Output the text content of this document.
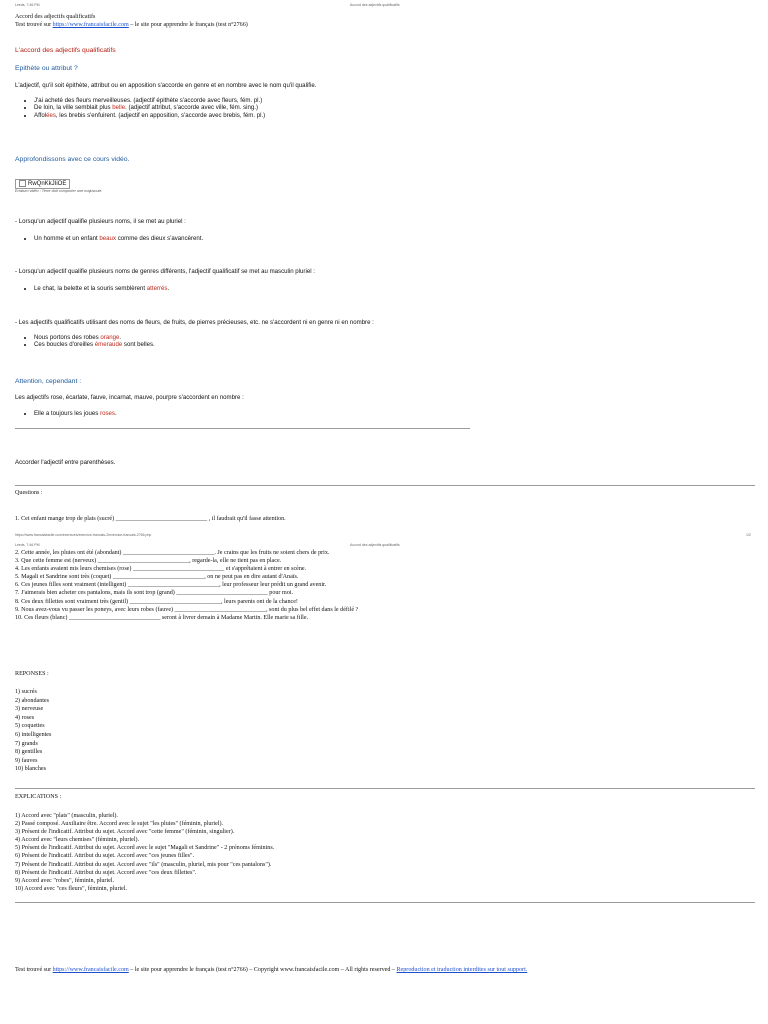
Leeds, 7:46 PM	Accord des adjectifs qualificatifs
Accord des adjectifs qualificatifs
Test trouvé sur https://www.francaisfacile.com – le site pour apprendre le français (test n°2766)
L'accord des adjectifs qualificatifs
Epithète ou attribut ?
L'adjectif, qu'il soit épithète, attribut ou en apposition s'accorde en genre et en nombre avec le nom qu'il qualifie.
• J'ai acheté des fleurs merveilleuses. (adjectif épithète s'accorde avec fleurs, fém. pl.)
• De loin, la ville semblait plus belle. (adjectif attribut, s'accorde avec ville, fém. sing.)
• Affolées, les brebis s'enfuirent. (adjectif en apposition, s'accorde avec brebis, fém. pl.)
Approfondissons avec ce cours vidéo.
RwQnKkJIiOE
Erratum vidéo : Terre doit comporter une majuscule.
- Lorsqu'un adjectif qualifie plusieurs noms, il se met au pluriel :
• Un homme et un enfant beaux comme des dieux s'avancèrent.
- Lorsqu'un adjectif qualifie plusieurs noms de genres différents, l'adjectif qualificatif se met au masculin pluriel :
• Le chat, la belette et la souris semblèrent atterrés.
- Les adjectifs qualificatifs utilisant des noms de fleurs, de fruits, de pierres précieuses, etc. ne s'accordent ni en genre ni en nombre :
• Nous portons des robes orange.
• Ces boucles d'oreilles émeraude sont belles.
Attention, cependant :
Les adjectifs rose, écarlate, fauve, incarnat, mauve, pourpre s'accordent en nombre :
• Elle a toujours les joues roses.
Accorder l'adjectif entre parenthèses.
Questions :
1. Cet enfant mange trop de plats (sucré) ______________________________ , il faudrait qu'il fasse attention.
Leeds, 7:46 PM	Accord des adjectifs qualificatifs
https://www.francaisfacile.com/exercices/exercice-francais-2/exercice-francais-2766.php	1/2
2. Cette année, les pluies ont été (abondant) ______________________________. Je crains que les fruits ne soient chers de prix.
3. Que cette femme est (nerveux) ______________________________, regarde-la, elle ne tient pas en place.
4. Les enfants avaient mis leurs chemises (rose) ______________________________ et s'apprêtaient à entrer en scène.
5. Magali et Sandrine sont très (coquet) ______________________________, on ne peut pas en dire autant d'Anaïs.
6. Ces jeunes filles sont vraiment (intelligent) ______________________________, leur professeur leur prédit un grand avenir.
7. J'aimerais bien acheter ces pantalons, mais ils sont trop (grand) ______________________________ pour moi.
8. Ces deux fillettes sont vraiment très (gentil) ______________________________, leurs parents ont de la chance!
9. Nous avez-vous vu passer les poneys, avec leurs robes (fauve) ______________________________, sont du plus bel effet dans le défilé ?
10. Ces fleurs (blanc) ______________________________ seront à livrer demain à Madame Martin. Elle marie sa fille.
REPONSES :
1) sucrés
2) abondantes
3) nerveuse
4) roses
5) coquettes
6) intelligentes
7) grands
8) gentilles
9) fauves
10) blanches
EXPLICATIONS :
1) Accord avec "plats" (masculin, pluriel).
2) Passé composé. Auxiliaire être. Accord avec le sujet "les pluies" (féminin, pluriel).
3) Présent de l'indicatif. Attribut du sujet. Accord avec "cette femme" (féminin, singulier).
4) Accord avec "leurs chemises" (féminin, pluriel).
5) Présent de l'indicatif. Attribut du sujet. Accord avec le sujet "Magali et Sandrine" - 2 prénoms féminins.
6) Présent de l'indicatif. Attribut du sujet. Accord avec "ces jeunes filles".
7) Présent de l'indicatif. Attribut du sujet. Accord avec "ils" (masculin, pluriel, mis pour "ces pantalons").
8) Présent de l'indicatif. Attribut du sujet. Accord avec "ces deux fillettes".
9) Accord avec "robes", féminin, pluriel.
10) Accord avec "ces fleurs", féminin, pluriel.
Test trouvé sur https://www.francaisfacile.com – le site pour apprendre le français (test n°2766) – Copyright www.francaisfacile.com – All rights reserved – Reproduction et traduction interdites sur tout support.
